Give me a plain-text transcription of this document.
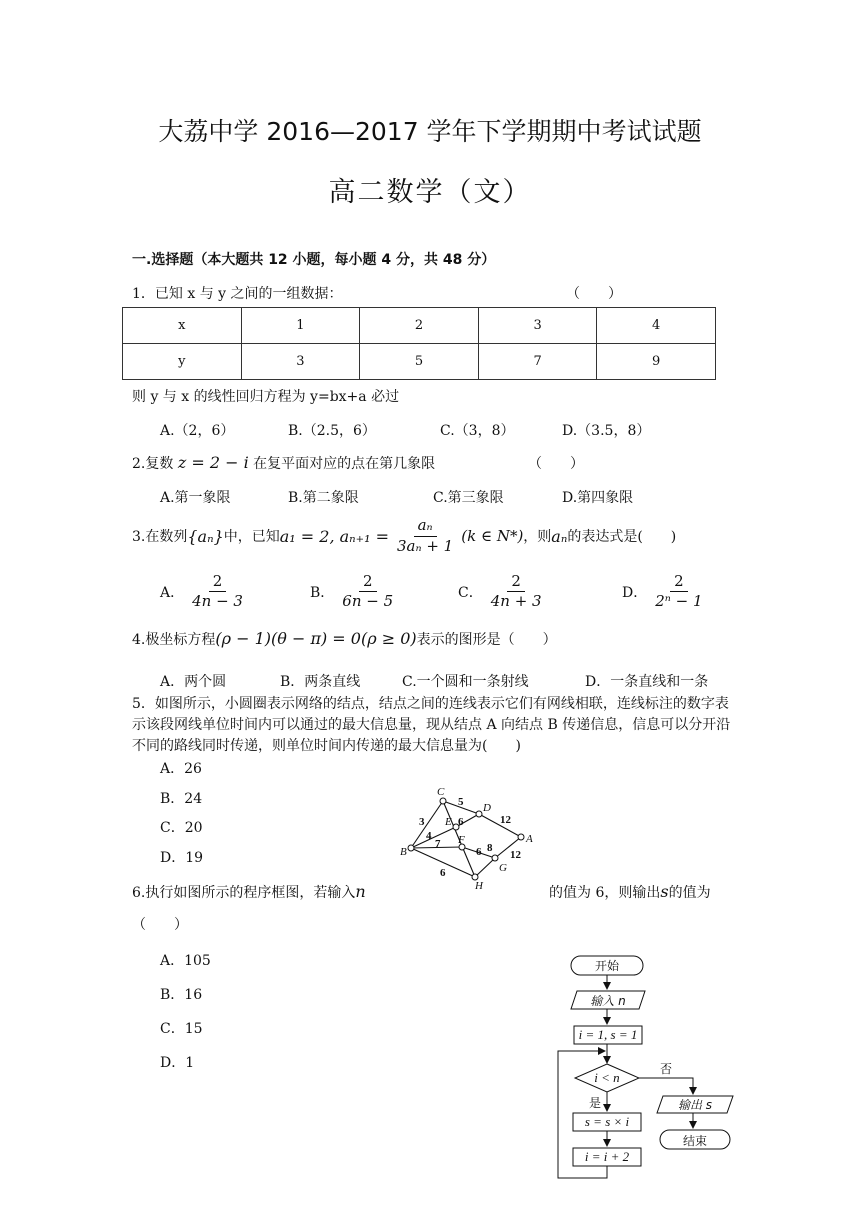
大荔中学 2016—2017 学年下学期期中考试试题
高二数学（文）
一.选择题（本大题共 12 小题，每小题 4 分，共 48 分）
1．已知 x 与 y 之间的一组数据：	（　　）
x	1	2	3	4
y	3	5	7	9
则 y 与 x 的线性回归方程为 y=bx+a 必过
A.（2，6）	B.（2.5，6）	C.（3，8）	D.（3.5，8）
2.复数 z = 2 − i 在复平面对应的点在第几象限	（　　）
A.第一象限	B.第二象限	C.第三象限	D.第四象限
3.在数列 {aₙ} 中，已知 a₁ = 2, $a_{n+1} = \frac{\text{aₙ}}{\text{3aₙ + 1}} (k$ ∈ N*) ，则 aₙ 的表达式是(　　)
A． $\frac{2}{4n - 3}$	B． $\frac{2}{6n - 5}$	C． $\frac{2}{4n + 3}$	D． $\frac{2}{\text{2ⁿ − 1}}$
4.极坐标方程(ρ − 1)(θ − π) = 0(ρ ≥ 0)表示的图形是（　　）
A．两个圆	B．两条直线	C.一个圆和一条射线	D．一条直线和一条
5．如图所示，小圆圈表示网络的结点，结点之间的连线表示它们有网线相联，连线标注的数字表示该段网线单位时间内可以通过的最大信息量，现从结点 A 向结点 B 传递信息，信息可以分开沿不同的路线同时传递，则单位时间内传递的最大信息量为(　　)
A．26
B．24
C．20
D．19
A
B
C
D
E
F
G
H
3
5
4
6	12
7
6	12
8
6
6.执行如图所示的程序框图，若输入n	的值为 6，则输出s的值为
（　　）
A．105
B．16
C．15
D．1
开始
输入 n
i = 1, s = 1
i < n
否
是	输出 s
结束
s = s × i
i = i + 2
